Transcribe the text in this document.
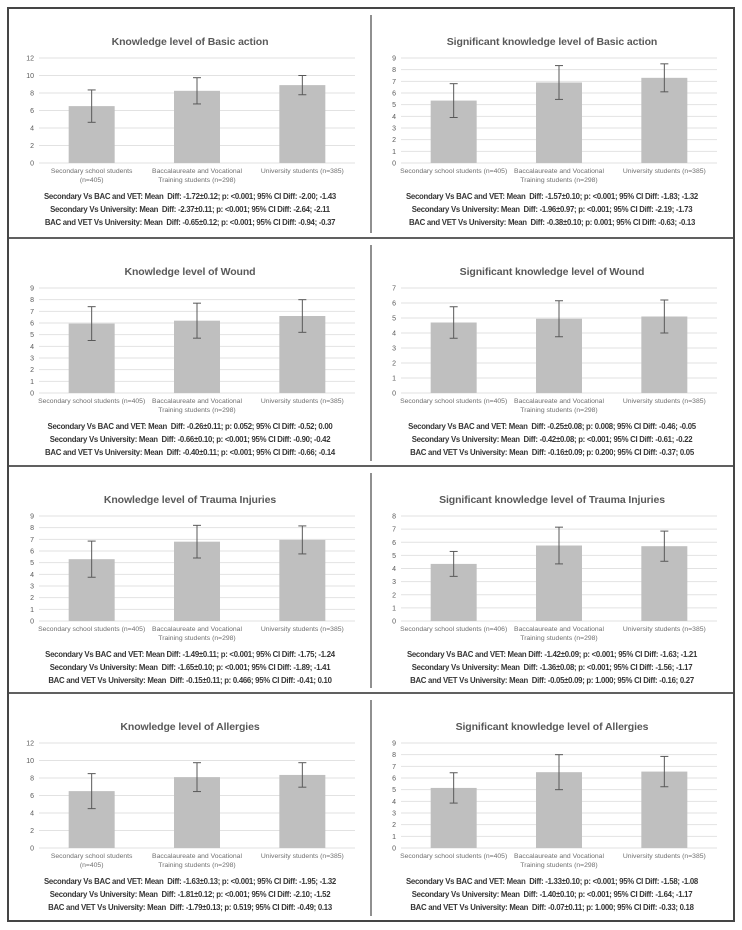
Knowledge level of Basic action
0
2
4
6
8
10
12
Secondary school students
(n=405)
Baccalaureate and Vocational
Training students (n=298)
University students (n=385)
Secondary Vs BAC and VET: Mean  Diff: -1.72±0.12; p: <0.001; 95% CI Diff: -2.00; -1.43
Secondary Vs University: Mean  Diff: -2.37±0.11; p: <0.001; 95% CI Diff: -2.64; -2.11
BAC and VET Vs University: Mean  Diff: -0.65±0.12; p: <0.001; 95% CI Diff: -0.94; -0.37
Significant knowledge level of Basic action
0
1
2
3
4
5
6
7
8
9
Secondary school students (n=405) Baccalaureate and Vocational
Training students (n=298)
University students (n=385)
Secondary Vs BAC and VET: Mean  Diff: -1.57±0.10; p: <0.001; 95% CI Diff: -1.83; -1.32
Secondary Vs University: Mean  Diff: -1.96±0.97; p: <0.001; 95% CI Diff: -2.19; -1.73
BAC and VET Vs University: Mean  Diff: -0.38±0.10; p: 0.001; 95% CI Diff: -0.63; -0.13
Knowledge level of Wound
0
1
2
3
4
5
6
7
8
9
Secondary school students (n=405) Baccalaureate and Vocational
Training students (n=298)
University students (n=385)
Secondary Vs BAC and VET: Mean  Diff: -0.26±0.11; p: 0.052; 95% CI Diff: -0.52; 0.00
Secondary Vs University: Mean  Diff: -0.66±0.10; p: <0.001; 95% CI Diff: -0.90; -0.42
BAC and VET Vs University: Mean  Diff: -0.40±0.11; p: <0.001; 95% CI Diff: -0.66; -0.14
Significant knowledge level of Wound
0
1
2
3
4
5
6
7
Secondary school students (n=405) Baccalaureate and Vocational
Training students (n=298)
University students (n=385)
Secondary Vs BAC and VET: Mean  Diff: -0.25±0.08; p: 0.008; 95% CI Diff: -0.46; -0.05
Secondary Vs University: Mean  Diff: -0.42±0.08; p: <0.001; 95% CI Diff: -0.61; -0.22
BAC and VET Vs University: Mean  Diff: -0.16±0.09; p: 0.200; 95% CI Diff: -0.37; 0.05
Knowledge level of Trauma Injuries
0
1
2
3
4
5
6
7
8
9
Secondary school students (n=405) Baccalaureate and Vocational
Training students (n=298)
University students (n=385)
Secondary Vs BAC and VET: Mean Diff: -1.49±0.11; p: <0.001; 95% CI Diff: -1.75; -1.24
Secondary Vs University: Mean  Diff: -1.65±0.10; p: <0.001; 95% CI Diff: -1.89; -1.41
BAC and VET Vs University: Mean  Diff: -0.15±0.11; p: 0.466; 95% CI Diff: -0.41; 0.10
Significant knowledge level of Trauma Injuries
0
1
2
3
4
5
6
7
8
Secondary school students (n=406) Baccalaureate and Vocational
Training students (n=298)
University students (n=385)
Secondary Vs BAC and VET: Mean Diff: -1.42±0.09; p: <0.001; 95% CI Diff: -1.63; -1.21
Secondary Vs University: Mean  Diff: -1.36±0.08; p: <0.001; 95% CI Diff: -1.56; -1.17
BAC and VET Vs University: Mean  Diff: -0.05±0.09; p: 1.000; 95% CI Diff: -0.16; 0.27
Knowledge level of Allergies
0
2
4
6
8
10
12
Secondary school students
(n=405)
Baccalaureate and Vocational
Training students (n=298)
University students (n=385)
Secondary Vs BAC and VET: Mean  Diff: -1.63±0.13; p: <0.001; 95% CI Diff: -1.95; -1.32
Secondary Vs University: Mean  Diff: -1.81±0.12; p: <0.001; 95% CI Diff: -2.10; -1.52
BAC and VET Vs University: Mean  Diff: -1.79±0.13; p: 0.519; 95% CI Diff: -0.49; 0.13
Significant knowledge level of Allergies
0
1
2
3
4
5
6
7
8
9
Secondary school students (n=405) Baccalaureate and Vocational
Training students (n=298)
University students (n=385)
Secondary Vs BAC and VET: Mean  Diff: -1.33±0.10; p: <0.001; 95% CI Diff: -1.58; -1.08
Secondary Vs University: Mean  Diff: -1.40±0.10; p: <0.001; 95% CI Diff: -1.64; -1.17
BAC and VET Vs University: Mean  Diff: -0.07±0.11; p: 1.000; 95% CI Diff: -0.33; 0.18
